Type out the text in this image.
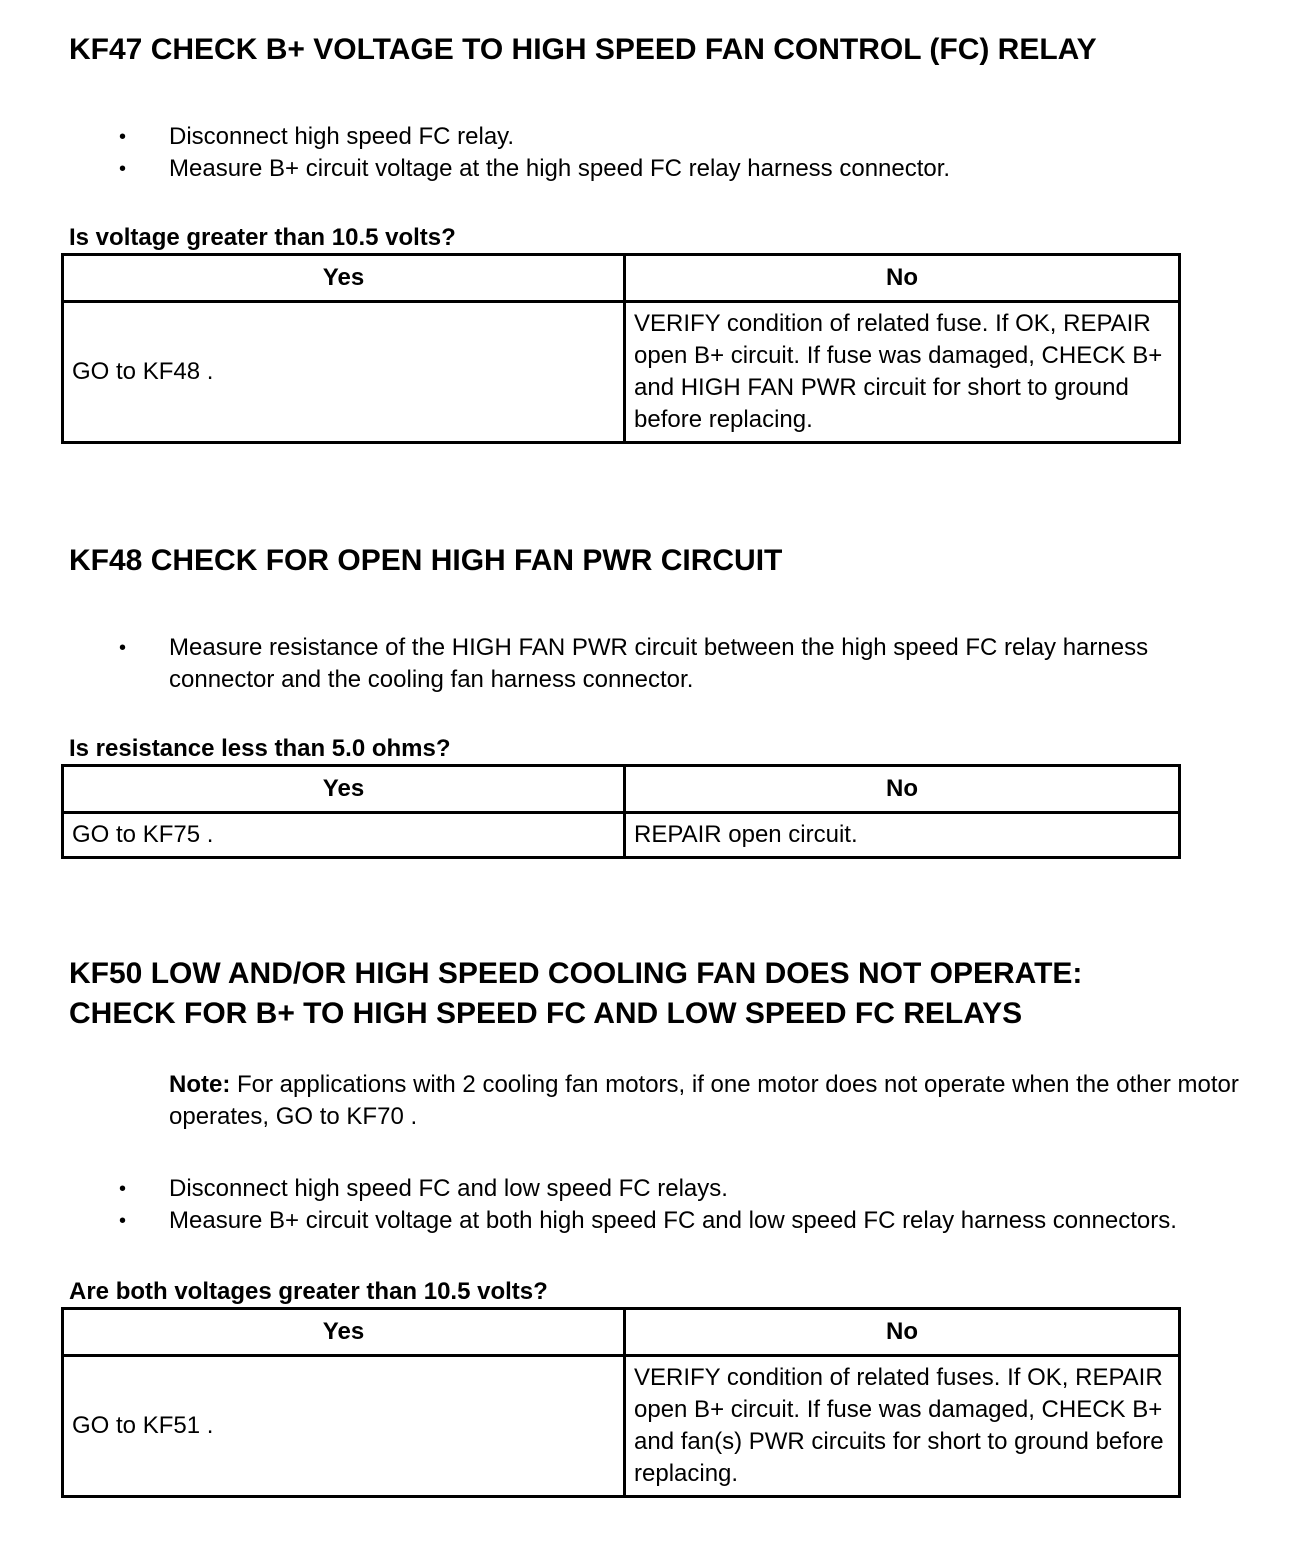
KF47 CHECK B+ VOLTAGE TO HIGH SPEED FAN CONTROL (FC) RELAY
• Disconnect high speed FC relay.
• Measure B+ circuit voltage at the high speed FC relay harness connector.
Is voltage greater than 10.5 volts?
Yes	No
GO to KF48 .	VERIFY condition of related fuse. If OK, REPAIR open B+ circuit. If fuse was damaged, CHECK B+ and HIGH FAN PWR circuit for short to ground before replacing.
KF48 CHECK FOR OPEN HIGH FAN PWR CIRCUIT
• Measure resistance of the HIGH FAN PWR circuit between the high speed FC relay harness connector and the cooling fan harness connector.
Is resistance less than 5.0 ohms?
Yes	No
GO to KF75 .	REPAIR open circuit.
KF50 LOW AND/OR HIGH SPEED COOLING FAN DOES NOT OPERATE:
CHECK FOR B+ TO HIGH SPEED FC AND LOW SPEED FC RELAYS
Note: For applications with 2 cooling fan motors, if one motor does not operate when the other motor operates, GO to KF70 .
• Disconnect high speed FC and low speed FC relays.
• Measure B+ circuit voltage at both high speed FC and low speed FC relay harness connectors.
Are both voltages greater than 10.5 volts?
Yes	No
GO to KF51 .	VERIFY condition of related fuses. If OK, REPAIR open B+ circuit. If fuse was damaged, CHECK B+ and fan(s) PWR circuits for short to ground before replacing.
